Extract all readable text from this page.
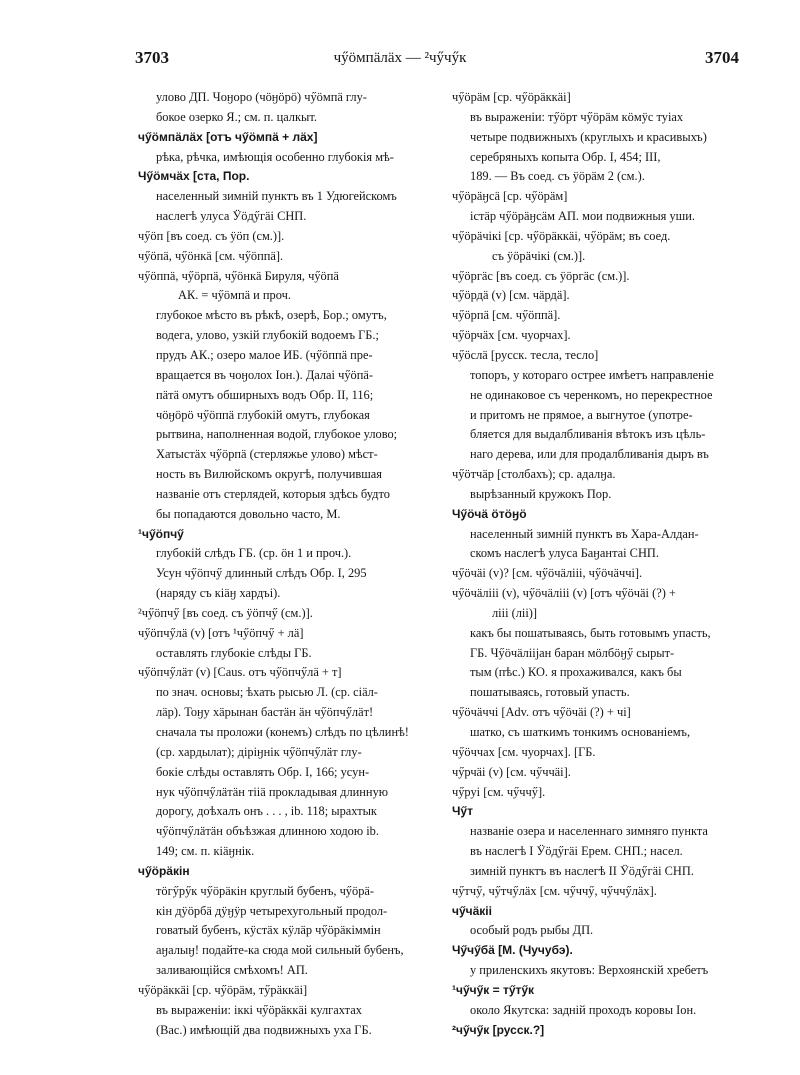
3703	чӳӧмпӓлӓх — ²чӳчӳк	3704
улово ДП. Чоӈоро (чӧӈӧрӧ) чӳӧмпӓ глу-
бокое озерко Я.; см. п. цалкыт.
чӳӧмпӓлӓх [отъ чӳӧмпӓ + лӓх]
рѣка, рѣчка, имѣющія особенно глубокія мѣ-
Чӳӧмчӓх [ста, Пор.
населенный зимній пунктъ въ 1 Удюгейскомъ
наслегѣ улуса Ӱӧдӳгӓі СНП.
чӳӧп [въ соед. съ ӱӧп (см.)].
чӳӧпӓ, чӳӧнкӓ [см. чӳӧппӓ].
чӳӧппӓ, чӳӧрпӓ, чӳӧнкӓ Бируля, чӳӧпӓ
АК. = чӳӧмпӓ и проч.
глубокое мѣсто въ рѣкѣ, озерѣ, Бор.; омутъ,
водега, улово, узкій глубокій водоемъ ГБ.;
прудъ АК.; озеро малое ИБ. (чӳӧппӓ пре-
вращается въ чоӈолох Іон.). Далаі чӳӧпӓ-
пӓтӓ омутъ обширныхъ водъ Обр. II, 116;
чӧӈӧрӧ чӳӧппӓ глубокій омутъ, глубокая
рытвина, наполненная водой, глубокое улово;
Хатыстӓх чӳӧрпӓ (стерляжье улово) мѣст-
ность въ Вилюйскомъ округѣ, получившая
названіе отъ стерлядей, которыя здѣсь будто
бы попадаются довольно часто, М.
¹чӳӧпчӳ
глубокій слѣдъ ГБ. (ср. ӧн 1 и проч.).
Усун чӳӧпчӳ длинный слѣдъ Обр. I, 295
(наряду съ кіӓӈ хардъі).
²чӳӧпчӳ [въ соед. съ ӱӧпчӳ (см.)].
чӳӧпчӳлӓ (v) [отъ ¹чӳӧпчӳ + лӓ]
оставлять глубокіе слѣды ГБ.
чӳӧпчӳлӓт (v) [Caus. отъ чӳӧпчӳлӓ + т]
по знач. основы; ѣхать рысью Л. (ср. сіӓл-
лӓр). Тоӈу хӓрынан бастӓн ӓн чӳӧпчӳлӓт!
сначала ты проложи (конемъ) слѣдъ по цѣлинѣ!
(ср. хардылат); діріӈнік чӳӧпчӳлӓт глу-
бокіе слѣды оставлять Обр. I, 166; усун-
нук чӳӧпчӳлӓтӓн тііӓ прокладывая длинную
дорогу, доѣхалъ онъ . . . , ib. 118; ырахтык
чӳӧпчӳлӓтӓн объѣзжая длинною ходою ib.
149; см. п. кіӓӈнік.
чӳӧрӓкін
тӧгӳрӳк чӳӧрӓкін круглый бубенъ, чӳӧрӓ-
кін дӱӧрбӓ дӱӈӱр четырехугольный продол-
говатый бубенъ, кӱстӓх кӱлӓр чӳӧрӓкіммін
аӈалыӈ! подайте-ка сюда мой сильный бубенъ,
заливающійся смѣхомъ! АП.
чӳӧрӓккӓі [ср. чӳӧрӓм, тӳрӓккӓі]
въ выраженіи: іккі чӳӧрӓккӓі кулгахтах
(Вас.) имѣющій два подвижныхъ уха ГБ.
чӳӧрӓм [ср. чӳӧрӓккӓі]
въ выраженіи: тӳӧрт чӳӧрӓм кӧмӱс туіах
четыре подвижныхъ (круглыхъ и красивыхъ)
серебряныхъ копыта Обр. I, 454; III,
189. — Въ соед. съ ӱӧрӓм 2 (см.).
чӳӧрӓӈсӓ [ср. чӳӧрӓм]
істӓр чӳӧрӓӈсӓм АП. мои подвижныя уши.
чӳӧрӓчікі [ср. чӳӧрӓккӓі, чӳӧрӓм; въ соед.
съ ӱӧрӓчікі (см.)].
чӳӧргӓс [въ соед. съ ӱӧргӓс (см.)].
чӳӧрдӓ (v) [см. чӓрдӓ].
чӳӧрпӓ [см. чӳӧппӓ].
чӳӧрчӓх [см. чуорчах].
чӳӧслӓ [русск. тесла, тесло]
топоръ, у котораго острее имѣетъ направленіе
не одинаковое съ черенкомъ, но перекрестное
и притомъ не прямое, а выгнутое (употре-
бляется для выдалбливанія вѣтокъ изъ цѣль-
наго дерева, или для продалбливанія дыръ въ
чӳӧтчӓр [столбахъ); ср. адалӈа.
вырѣзанный кружокъ Пор.
Чӳӧчӓ ӧтӧӈӧ
населенный зимній пунктъ въ Хара-Алдан-
скомъ наслегѣ улуса Баӈантаі СНП.
чӳӧчӓі (v)? [см. чӳӧчӓлііі, чӳӧчӓччі].
чӳӧчӓлііі (v), чӳӧчӓлііі (v) [отъ чӳӧчӓі (?) +
лііі (ліі)]
какъ бы пошатываясь, быть готовымъ упасть,
ГБ. Чӳӧчӓлііjан баран мӧлбӧӈӳ сырыт-
тым (пѣс.) КО. я прохаживался, какъ бы
пошатываясь, готовый упасть.
чӳӧчӓччі [Adv. отъ чӳӧчӓі (?) + чі]
шатко, съ шаткимъ тонкимъ основаніемъ,
чӳӧччах [см. чуорчах]. [ГБ.
чӳрчӓі (v) [см. чӳччӓі].
чӳруі [см. чӳччӳ].
Чӳт
названіе озера и населеннаго зимняго пункта
въ наслегѣ I Ӱӧдӳгӓі Ерем. СНП.; насел.
зимній пунктъ въ наслегѣ II Ӱӧдӳгӓі СНП.
чӳтчӳ, чӳтчӳлӓх [см. чӳччӳ, чӳччӳлӓх].
чӳчӓкіі
особый родъ рыбы ДП.
Чӳчӳбӓ [М. (Чучубэ).
у приленскихъ якутовъ: Верхоянскій хребетъ
¹чӳчӳк = тӳтӳк
около Якутска: задній проходъ коровы Іон.
²чӳчӳк [русск.?]
